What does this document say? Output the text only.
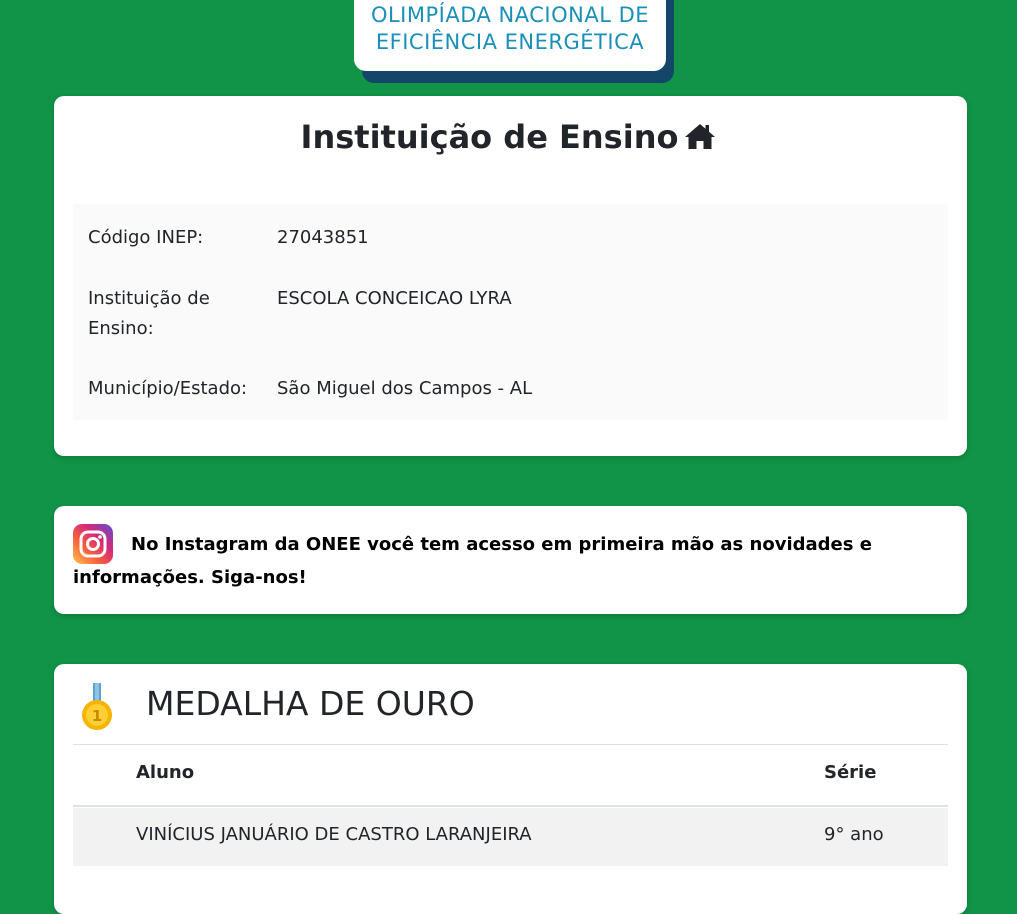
OLIMPÍADA NACIONAL DE
EFICIÊNCIA ENERGÉTICA
Instituição de Ensino
Código INEP:	27043851
Instituição de Ensino:
ESCOLA CONCEICAO LYRA
Município/Estado:	São Miguel dos Campos - AL
No Instagram da ONEE você tem acesso em primeira mão as novidades e informações. Siga-nos!
1 MEDALHA DE OURO
Aluno	Série
VINÍCIUS JANUÁRIO DE CASTRO LARANJEIRA	9° ano
